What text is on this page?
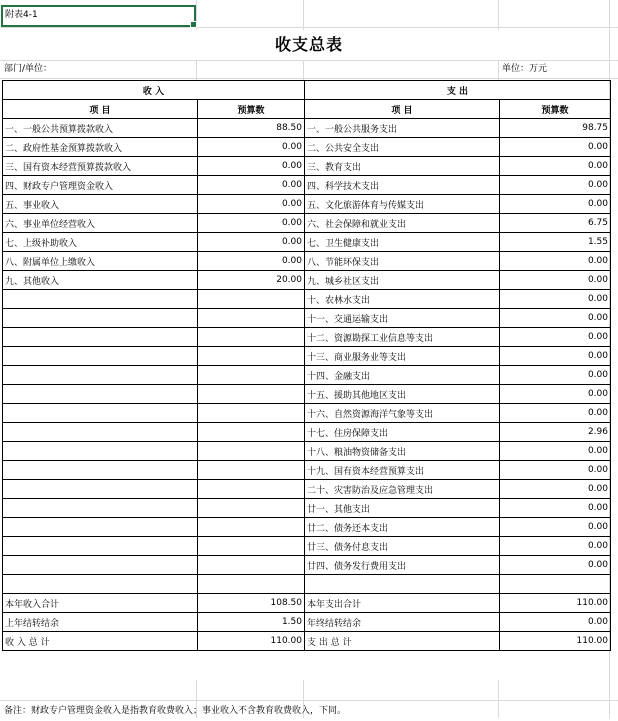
附表4-1
收支总表
部门/单位：	单位：万元
收 入		支 出	
项 目	预算数	项 目	预算数
一、一般公共预算拨款收入	88.50	一、一般公共服务支出	98.75
二、政府性基金预算拨款收入	0.00	二、公共安全支出	0.00
三、国有资本经营预算拨款收入	0.00	三、教育支出	0.00
四、财政专户管理资金收入	0.00	四、科学技术支出	0.00
五、事业收入	0.00	五、文化旅游体育与传媒支出	0.00
六、事业单位经营收入	0.00	六、社会保障和就业支出	6.75
七、上级补助收入	0.00	七、卫生健康支出	1.55
八、附属单位上缴收入	0.00	八、节能环保支出	0.00
九、其他收入	20.00	九、城乡社区支出	0.00
		十、农林水支出	0.00
		十一、交通运输支出	0.00
		十二、资源勘探工业信息等支出	0.00
		十三、商业服务业等支出	0.00
		十四、金融支出	0.00
		十五、援助其他地区支出	0.00
		十六、自然资源海洋气象等支出	0.00
		十七、住房保障支出	2.96
		十八、粮油物资储备支出	0.00
		十九、国有资本经营预算支出	0.00
		二十、灾害防治及应急管理支出	0.00
		廿一、其他支出	0.00
		廿二、债务还本支出	0.00
		廿三、债务付息支出	0.00
		廿四、债务发行费用支出	0.00

本年收入合计	108.50	本年支出合计	110.00
上年结转结余	1.50	年终结转结余	0.00
收 入 总 计	110.00	支 出 总 计	110.00
备注：财政专户管理资金收入是指教育收费收入；事业收入不含教育收费收入，下同。
